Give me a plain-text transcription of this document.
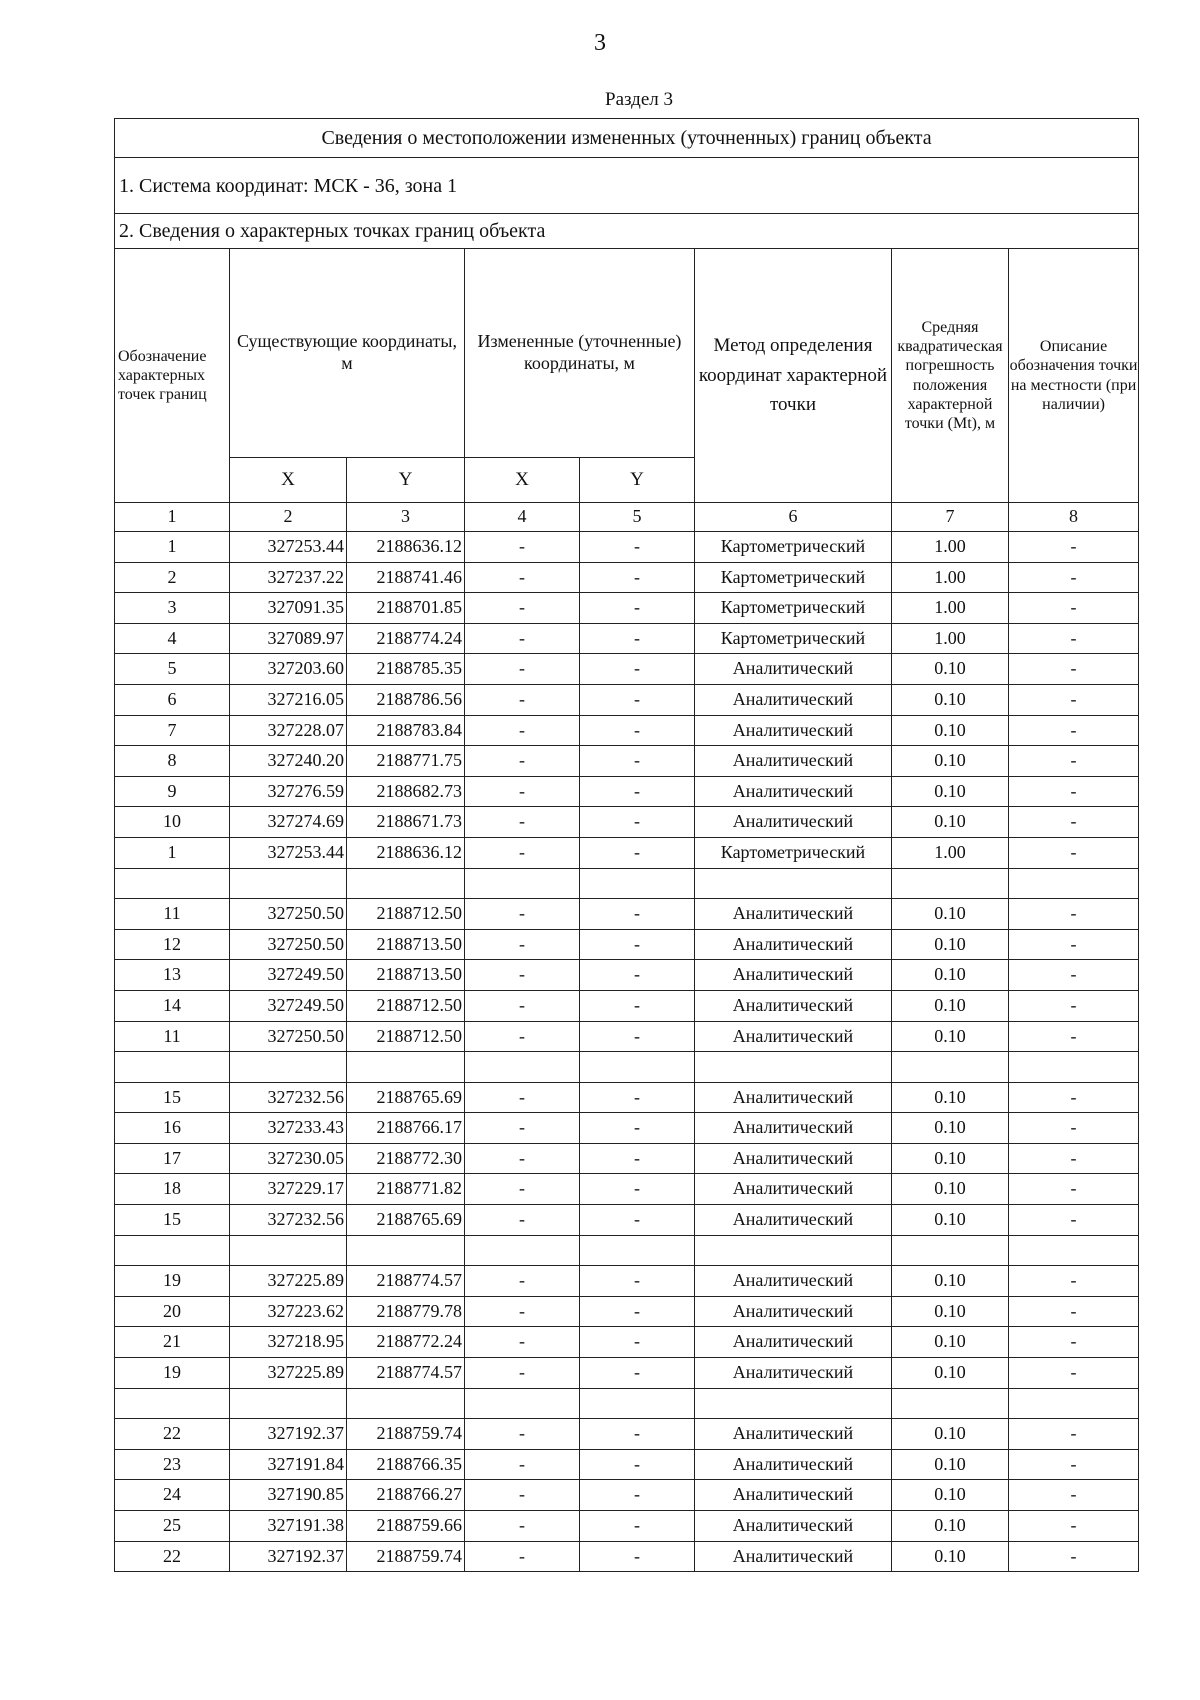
3
Раздел 3
Сведения о местоположении измененных (уточненных) границ объекта							
1. Система координат: МСК - 36, зона 1							
2. Сведения о характерных точках границ объекта							
Обозначение характерных точек границ	Существующие координаты, м		Измененные (уточненные) координаты, м		Метод определения координат характерной точки	Средняя квадратическая погрешность положения характерной точки (Mt), м	Описание обозначения точки на местности (при наличии)
	X	Y	X	Y			
1	2	3	4	5	6	7	8
1	327253.44	2188636.12	-	-	Картометрический	1.00	-
2	327237.22	2188741.46	-	-	Картометрический	1.00	-
3	327091.35	2188701.85	-	-	Картометрический	1.00	-
4	327089.97	2188774.24	-	-	Картометрический	1.00	-
5	327203.60	2188785.35	-	-	Аналитический	0.10	-
6	327216.05	2188786.56	-	-	Аналитический	0.10	-
7	327228.07	2188783.84	-	-	Аналитический	0.10	-
8	327240.20	2188771.75	-	-	Аналитический	0.10	-
9	327276.59	2188682.73	-	-	Аналитический	0.10	-
10	327274.69	2188671.73	-	-	Аналитический	0.10	-
1	327253.44	2188636.12	-	-	Картометрический	1.00	-

11	327250.50	2188712.50	-	-	Аналитический	0.10	-
12	327250.50	2188713.50	-	-	Аналитический	0.10	-
13	327249.50	2188713.50	-	-	Аналитический	0.10	-
14	327249.50	2188712.50	-	-	Аналитический	0.10	-
11	327250.50	2188712.50	-	-	Аналитический	0.10	-

15	327232.56	2188765.69	-	-	Аналитический	0.10	-
16	327233.43	2188766.17	-	-	Аналитический	0.10	-
17	327230.05	2188772.30	-	-	Аналитический	0.10	-
18	327229.17	2188771.82	-	-	Аналитический	0.10	-
15	327232.56	2188765.69	-	-	Аналитический	0.10	-

19	327225.89	2188774.57	-	-	Аналитический	0.10	-
20	327223.62	2188779.78	-	-	Аналитический	0.10	-
21	327218.95	2188772.24	-	-	Аналитический	0.10	-
19	327225.89	2188774.57	-	-	Аналитический	0.10	-

22	327192.37	2188759.74	-	-	Аналитический	0.10	-
23	327191.84	2188766.35	-	-	Аналитический	0.10	-
24	327190.85	2188766.27	-	-	Аналитический	0.10	-
25	327191.38	2188759.66	-	-	Аналитический	0.10	-
22	327192.37	2188759.74	-	-	Аналитический	0.10	-
